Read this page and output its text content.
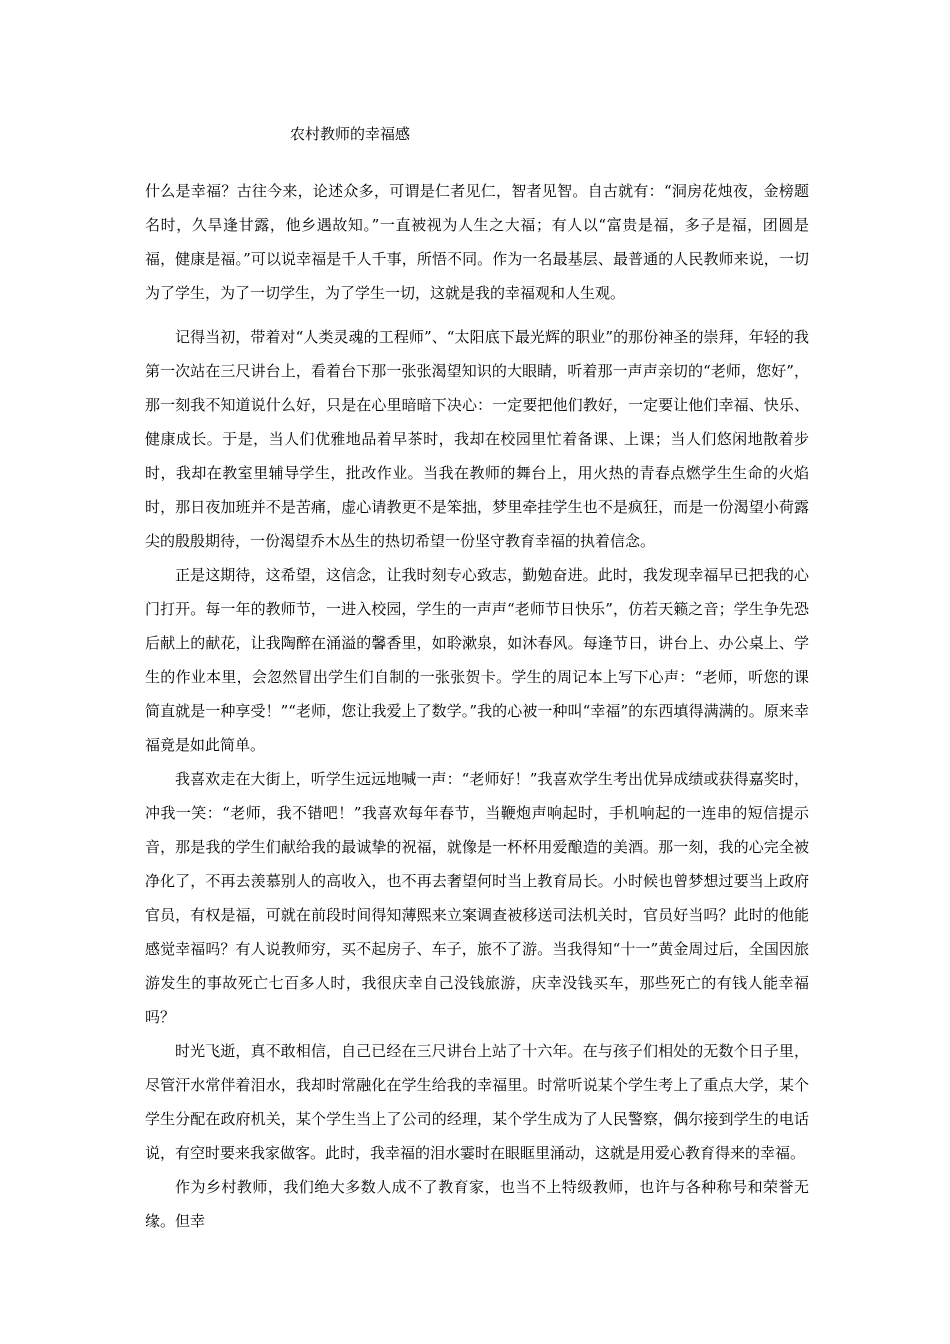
农村教师的幸福感

什么是幸福？古往今来，论述众多，可谓是仁者见仁，智者见智。自古就有：“洞房花烛夜，金榜题名时，久旱逢甘露，他乡遇故知。”一直被视为人生之大福；有人以“富贵是福，多子是福，团圆是福，健康是福。”可以说幸福是千人千事，所悟不同。作为一名最基层、最普通的人民教师来说，一切为了学生，为了一切学生，为了学生一切，这就是我的幸福观和人生观。

记得当初，带着对“人类灵魂的工程师”、“太阳底下最光辉的职业”的那份神圣的崇拜，年轻的我第一次站在三尺讲台上，看着台下那一张张渴望知识的大眼睛，听着那一声声亲切的“老师，您好”，那一刻我不知道说什么好，只是在心里暗暗下决心：一定要把他们教好，一定要让他们幸福、快乐、健康成长。于是，当人们优雅地品着早茶时，我却在校园里忙着备课、上课；当人们悠闲地散着步时，我却在教室里辅导学生，批改作业。当我在教师的舞台上，用火热的青春点燃学生生命的火焰时，那日夜加班并不是苦痛，虚心请教更不是笨拙，梦里牵挂学生也不是疯狂，而是一份渴望小荷露尖的殷殷期待，一份渴望乔木丛生的热切希望一份坚守教育幸福的执着信念。

正是这期待，这希望，这信念，让我时刻专心致志，勤勉奋进。此时，我发现幸福早已把我的心门打开。每一年的教师节，一进入校园，学生的一声声“老师节日快乐”，仿若天籁之音；学生争先恐后献上的献花，让我陶醉在涌溢的馨香里，如聆漱泉，如沐春风。每逢节日，讲台上、办公桌上、学生的作业本里，会忽然冒出学生们自制的一张张贺卡。学生的周记本上写下心声：“老师，听您的课简直就是一种享受！”“老师，您让我爱上了数学。”我的心被一种叫“幸福”的东西填得满满的。原来幸福竟是如此简单。

我喜欢走在大街上，听学生远远地喊一声：“老师好！”我喜欢学生考出优异成绩或获得嘉奖时，冲我一笑：“老师，我不错吧！”我喜欢每年春节，当鞭炮声响起时，手机响起的一连串的短信提示音，那是我的学生们献给我的最诚挚的祝福，就像是一杯杯用爱酿造的美酒。那一刻，我的心完全被净化了，不再去羡慕别人的高收入，也不再去奢望何时当上教育局长。小时候也曾梦想过要当上政府官员，有权是福，可就在前段时间得知薄熙来立案调查被移送司法机关时，官员好当吗？此时的他能感觉幸福吗？有人说教师穷，买不起房子、车子，旅不了游。当我得知“十一”黄金周过后，全国因旅游发生的事故死亡七百多人时，我很庆幸自己没钱旅游，庆幸没钱买车，那些死亡的有钱人能幸福吗？

时光飞逝，真不敢相信，自己已经在三尺讲台上站了十六年。在与孩子们相处的无数个日子里，尽管汗水常伴着泪水，我却时常融化在学生给我的幸福里。时常听说某个学生考上了重点大学，某个学生分配在政府机关，某个学生当上了公司的经理，某个学生成为了人民警察，偶尔接到学生的电话说，有空时要来我家做客。此时，我幸福的泪水霎时在眼眶里涌动，这就是用爱心教育得来的幸福。

作为乡村教师，我们绝大多数人成不了教育家，也当不上特级教师，也许与各种称号和荣誉无缘。但幸
